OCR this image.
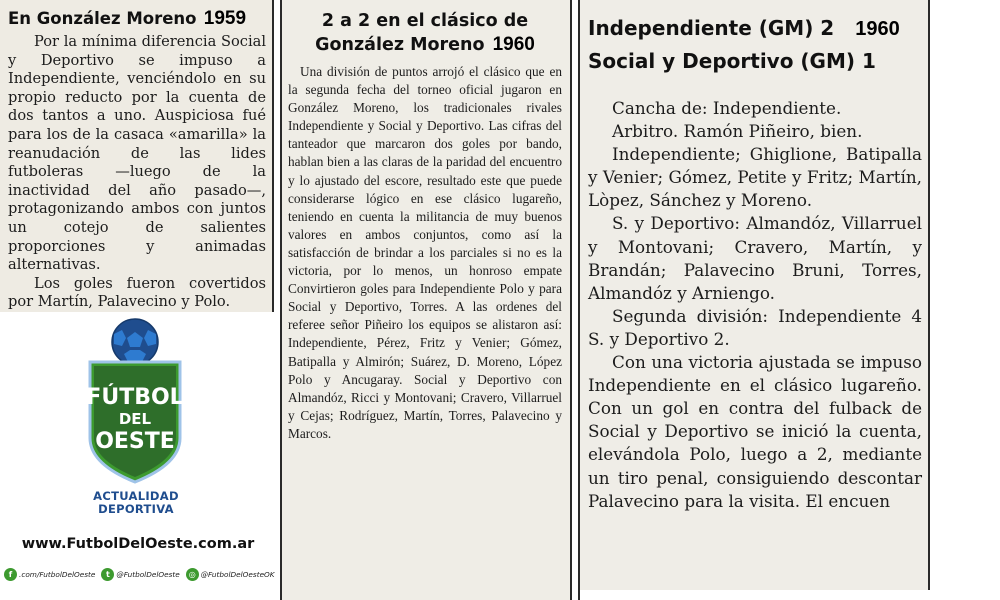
En González Moreno 1959

Por la mínima diferencia Social y Deportivo se impuso a Independiente, venciéndolo en su propio reducto por la cuenta de dos tantos a uno. Auspiciosa fué para los de la casaca «amarilla» la reanudación de las lides futboleras —luego de la inactividad del año pasado—, protagonizando ambos con juntos un cotejo de salientes proporciones y animadas alternativas.

Los goles fueron covertidos por Martín, Palavecino y Polo.

FÚTBOL
DEL
OESTE
ACTUALIDAD
DEPORTIVA
www.FutbolDelOeste.com.ar
f .com/FutbolDelOeste	t @FutbolDelOeste	◎ @FutbolDelOesteOK
2 a 2 en el clásico de
González Moreno 1960

Una división de puntos arrojó el clásico que en la segunda fecha del torneo oficial jugaron en González Moreno, los tradicionales rivales Independiente y Social y Deportivo. Las cifras del tanteador que marcaron dos goles por bando, hablan bien a las claras de la paridad del encuentro y lo ajustado del escore, resultado este que puede considerarse lógico en ese clásico lugareño, teniendo en cuenta la militancia de muy buenos valores en ambos conjuntos, como así la satisfacción de brindar a los parciales si no es la victoria, por lo menos, un honroso empate Convirtieron goles para Independiente Polo y para Social y Deportivo, Torres. A las ordenes del referee señor Piñeiro los equipos se alistaron así: Independiente, Pérez, Fritz y Venier; Gómez, Batipalla y Almirón; Suárez, D. Moreno, López Polo y Ancugaray. Social y Deportivo con Almandóz, Ricci y Montovani; Cravero, Villarruel y Cejas; Rodríguez, Martín, Torres, Palavecino y Marcos.

Independiente (GM) 2 1960
Social y Deportivo (GM) 1

Cancha de: Independiente.

Arbitro. Ramón Piñeiro, bien.

Independiente; Ghiglione, Batipalla y Venier; Gómez, Petite y Fritz; Martín, Lòpez, Sánchez y Moreno.

S. y Deportivo: Almandóz, Villarruel y Montovani; Cravero, Martín, y Brandán; Palavecino Bruni, Torres, Almandóz y Arniengo.

Segunda división: Independiente 4 S. y Deportivo 2.

Con una victoria ajustada se impuso Independiente en el clásico lugareño. Con un gol en contra del fulback de Social y Deportivo se inició la cuenta, elevándola Polo, luego a 2, mediante un tiro penal, consiguiendo descontar Palavecino para la visita. El encuen
